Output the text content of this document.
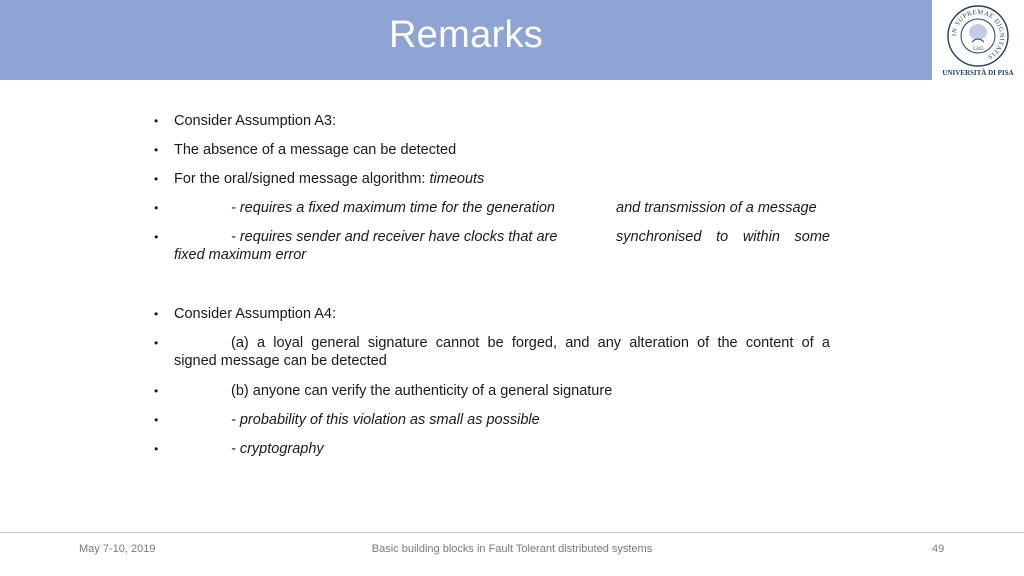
Remarks	IN SUPREMAE DIGNITATIS
1343
UNIVERSITÀ DI PISA
• Consider Assumption A3:
• The absence of a message can be detected
• For the oral/signed message algorithm: timeouts
•	- requires a fixed maximum time for the generation	and transmission of a message
•	- requires sender and receiver have clocks that are	synchronised to within some
fixed maximum error
• Consider Assumption A4:
•	(a) a loyal general signature cannot be forged, and any alteration of the content of a
signed message can be detected
•	(b) anyone can verify the authenticity of a general signature
•	- probability of this violation as small as possible
•	- cryptography
May 7-10, 2019	Basic building blocks in Fault Tolerant distributed systems	49
